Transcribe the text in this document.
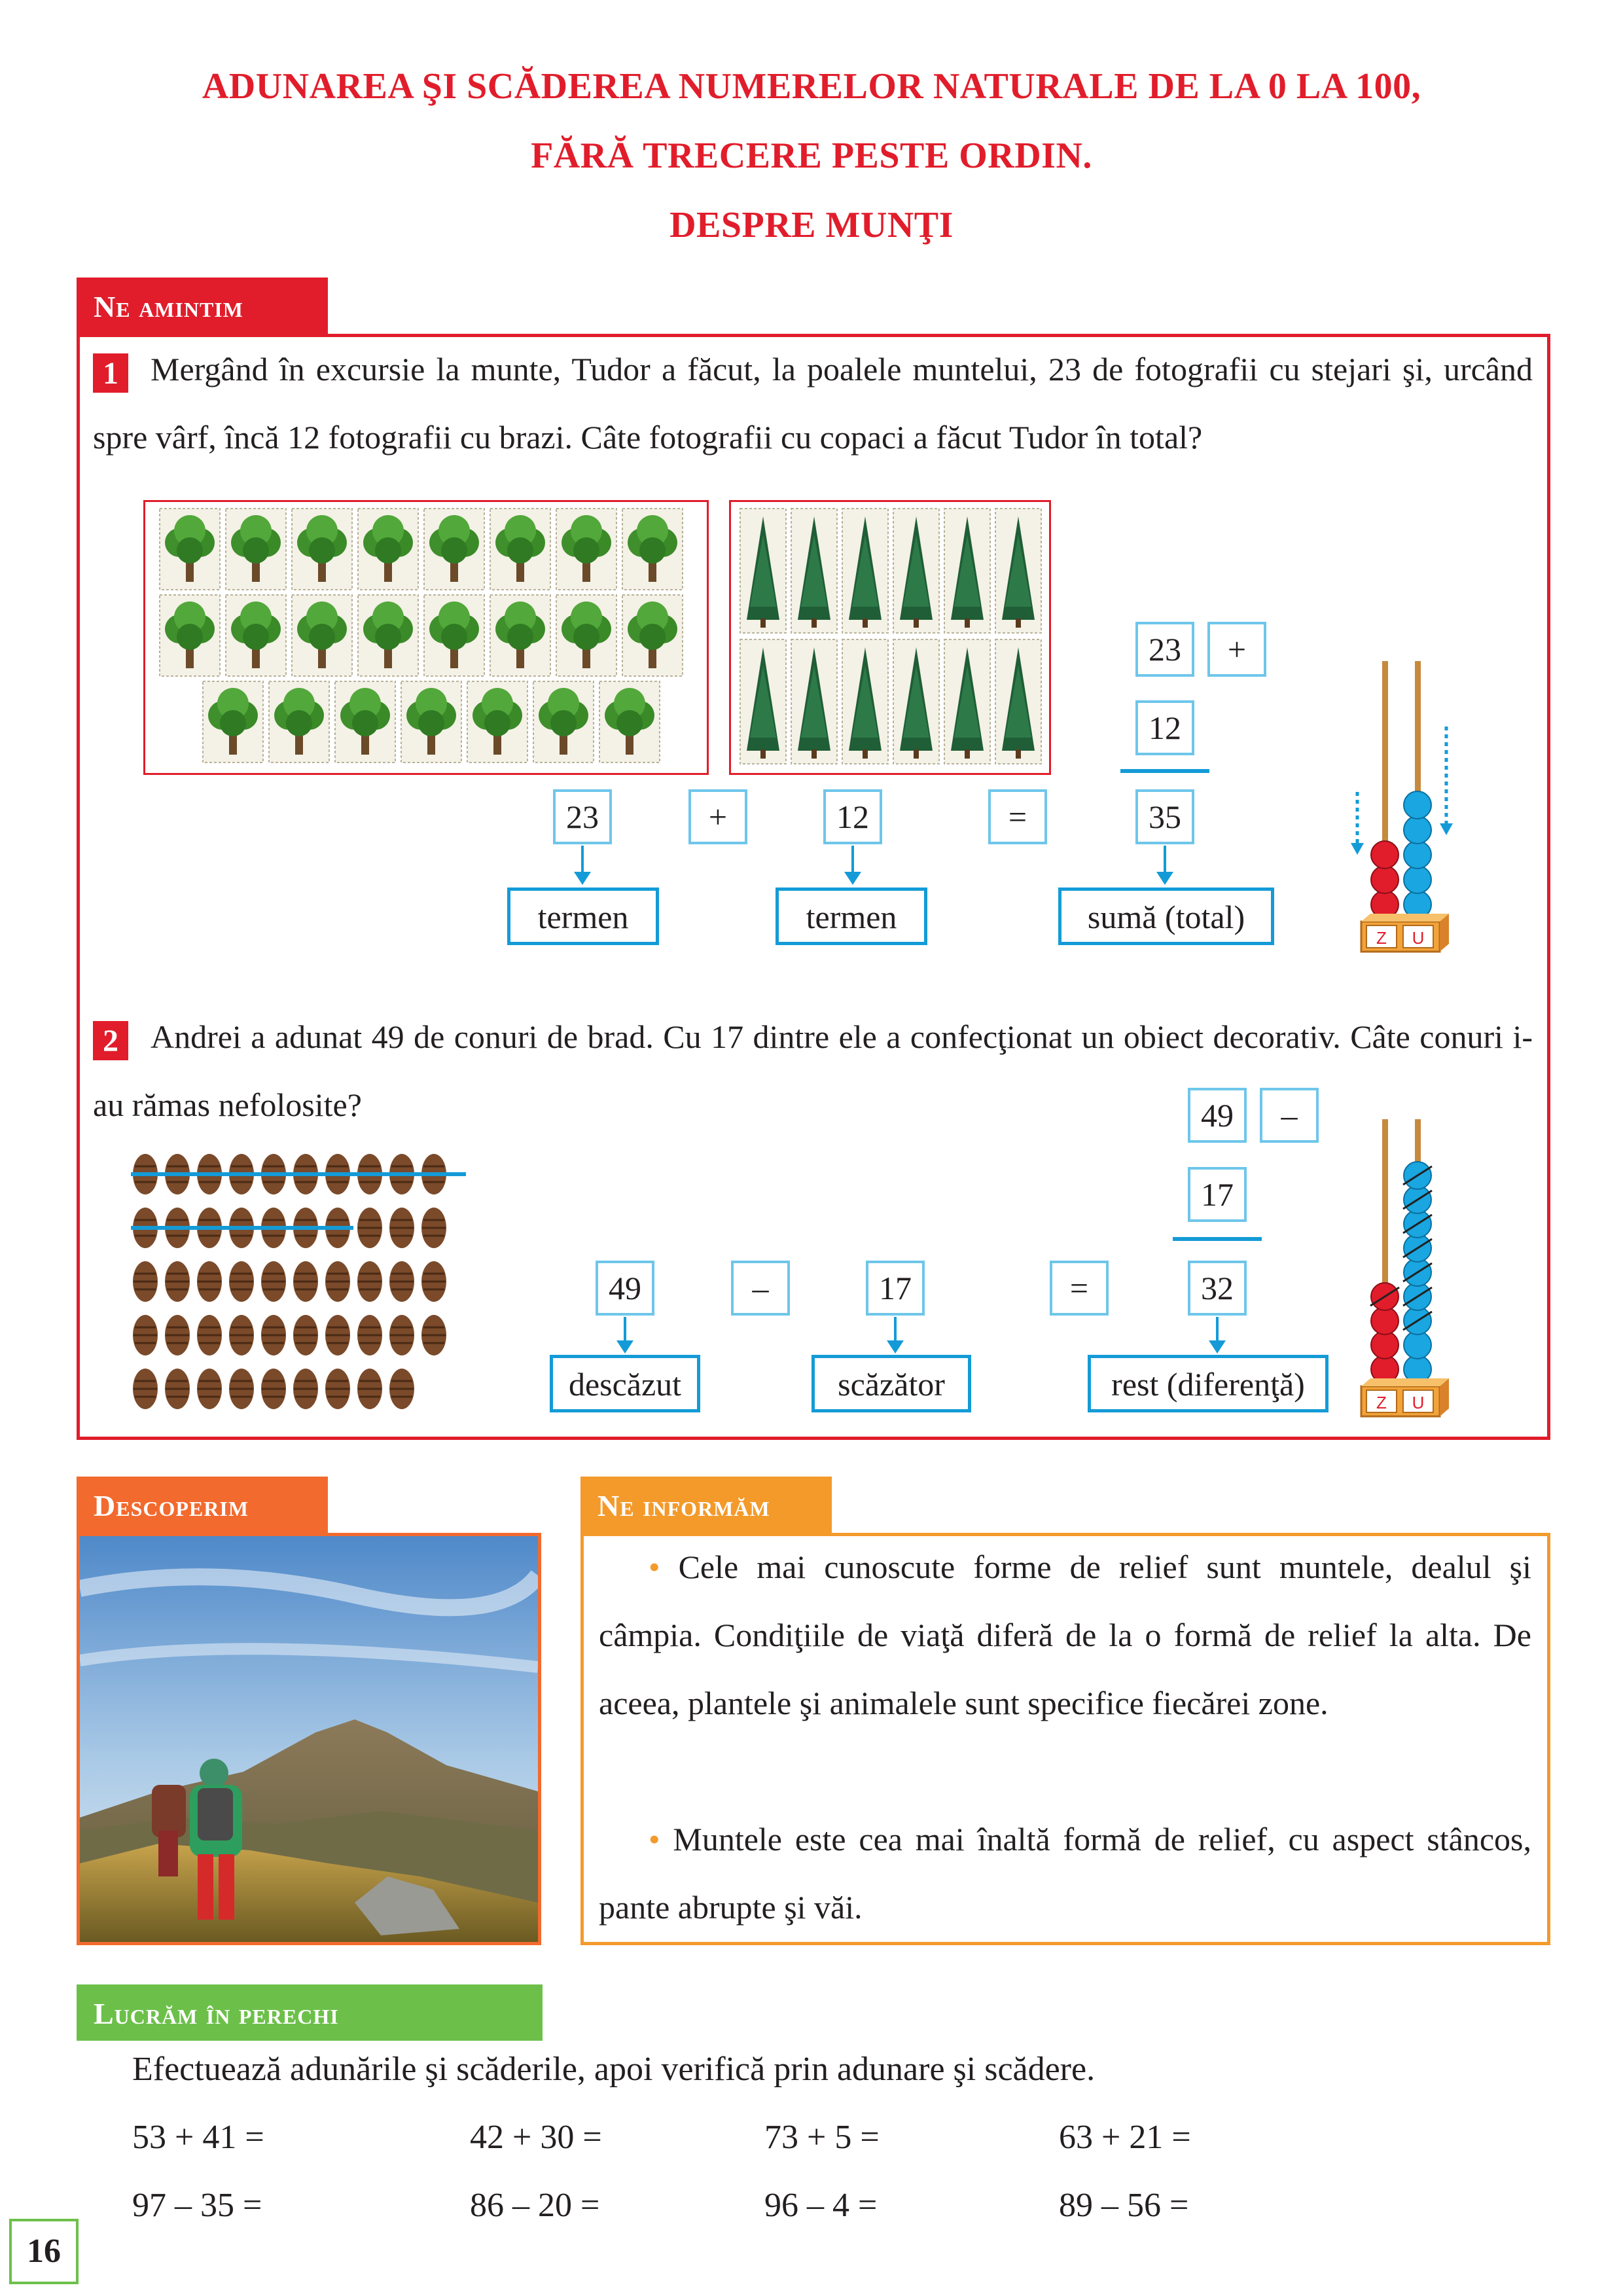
ADUNAREA ŞI SCĂDEREA NUMERELOR NATURALE DE LA 0 LA 100,
FĂRĂ TRECERE PESTE ORDIN.
DESPRE MUNŢI
Ne amintim
1 Mergând în excursie la munte, Tudor a făcut, la poalele muntelui, 23 de fotografii cu stejari şi, urcând spre vârf, încă 12 fotografii cu brazi. Câte fotografii cu copaci a făcut Tudor în total?
23	+
12
23	+	12	=	35
termen	termen	sumă (total)
Z U
2 Andrei a adunat 49 de conuri de brad. Cu 17 dintre ele a confecţionat un obiect decorativ. Câte conuri i-au rămas nefolosite?	49	–
17
49	–	17	=	32
descăzut	scăzător	rest (diferenţă)	Z U
Descoperim	Ne informăm
• Cele mai cunoscute forme de relief sunt muntele, dealul şi câmpia. Condiţiile de viaţă diferă de la o formă de relief la alta. De aceea, plantele şi animalele sunt specifice fiecărei zone.
• Muntele este cea mai înaltă formă de relief, cu aspect stâncos, pante abrupte şi văi.
Lucrăm în perechi
Efectuează adunările şi scăderile, apoi verifică prin adunare şi scădere.
53 + 41 =	42 + 30 =	73 + 5 =	63 + 21 =
97 – 35 =	86 – 20 =	96 – 4 =	89 – 56 =
16
